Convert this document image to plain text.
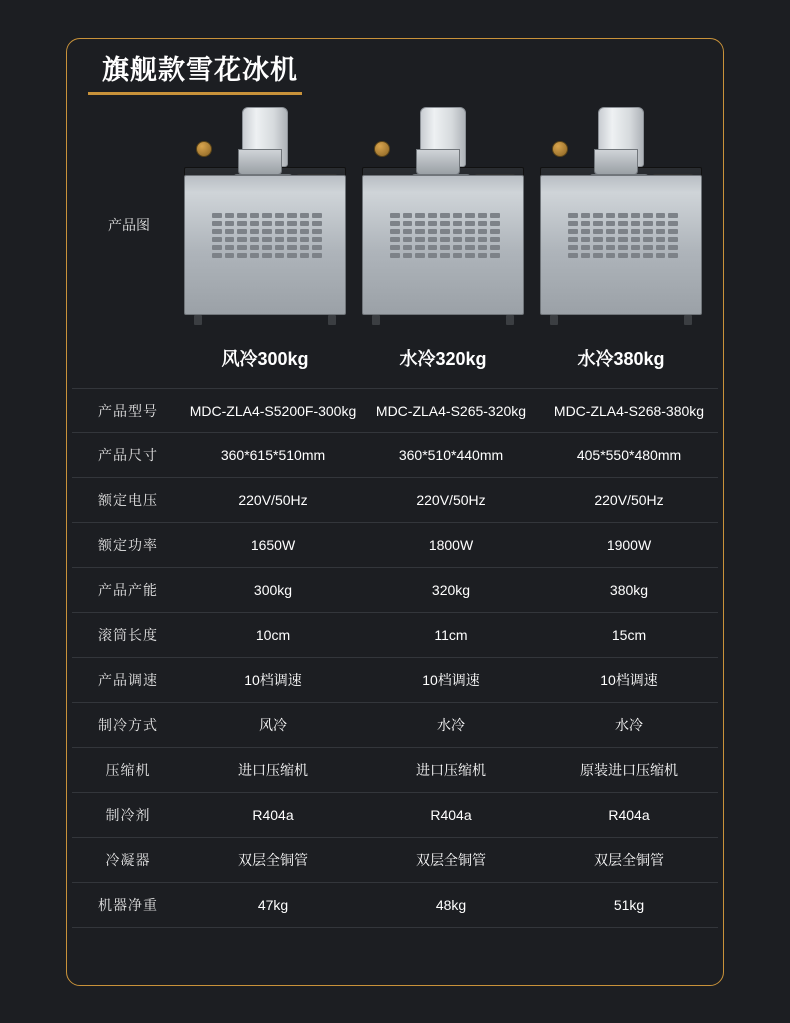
旗舰款雪花冰机
产品图
风冷300kg	水冷320kg	水冷380kg
产品型号	MDC-ZLA4-S5200F-300kg	MDC-ZLA4-S265-320kg	MDC-ZLA4-S268-380kg
产品尺寸	360*615*510mm	360*510*440mm	405*550*480mm
额定电压	220V/50Hz	220V/50Hz	220V/50Hz
额定功率	1650W	1800W	1900W
产品产能	300kg	320kg	380kg
滚筒长度	10cm	11cm	15cm
产品调速	10档调速	10档调速	10档调速
制冷方式	风冷	水冷	水冷
压缩机	进口压缩机	进口压缩机	原装进口压缩机
制冷剂	R404a	R404a	R404a
冷凝器	双层全铜管	双层全铜管	双层全铜管
机器净重	47kg	48kg	51kg
